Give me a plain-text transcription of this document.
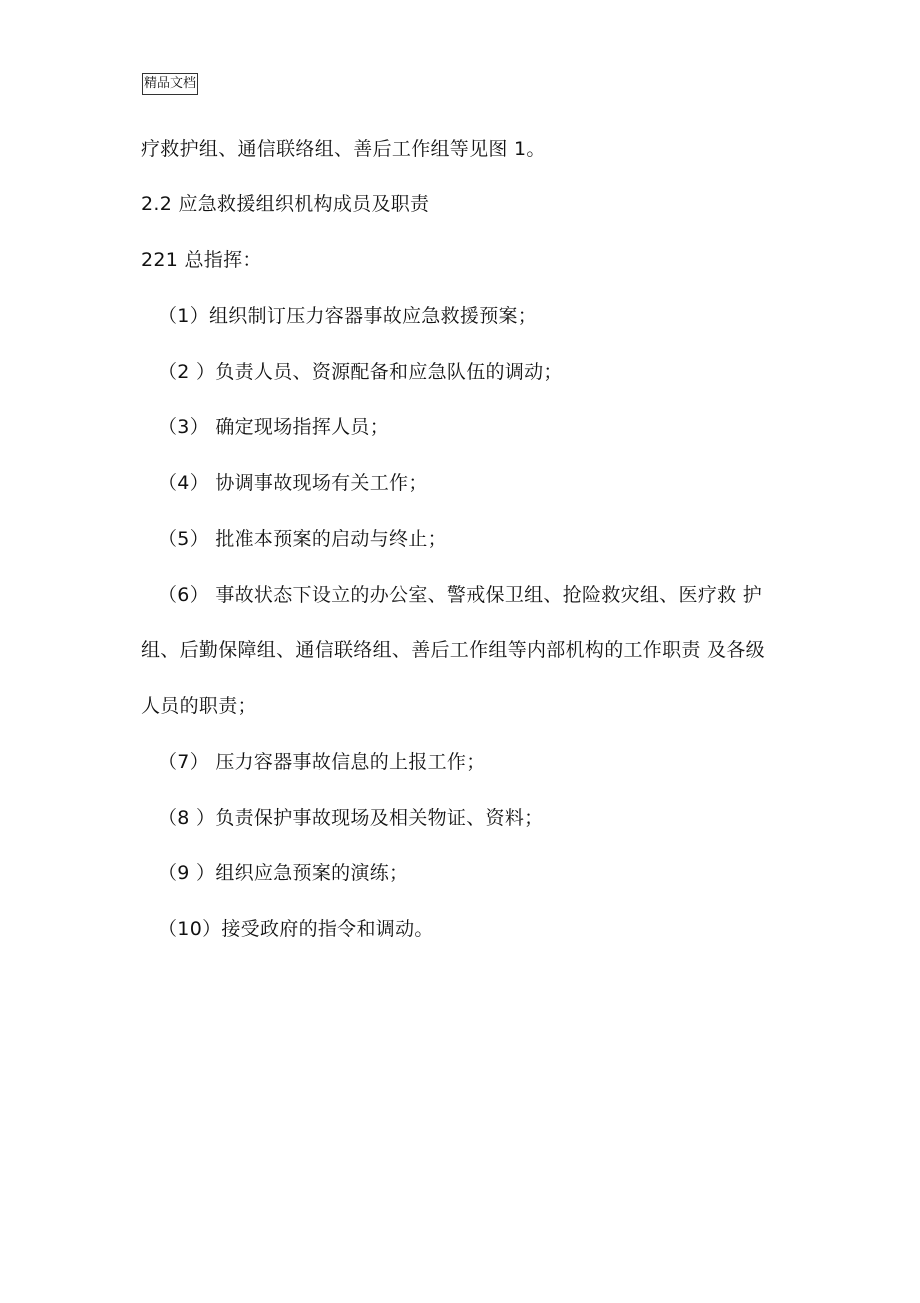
精品文档
疗救护组、通信联络组、善后工作组等见图 1。
2.2 应急救援组织机构成员及职责
221 总指挥：
（1）组织制订压力容器事故应急救援预案；
（2 ）负责人员、资源配备和应急队伍的调动；
（3） 确定现场指挥人员；
（4） 协调事故现场有关工作；
（5） 批准本预案的启动与终止；
（6） 事故状态下设立的办公室、警戒保卫组、抢险救灾组、医疗救 护
组、后勤保障组、通信联络组、善后工作组等内部机构的工作职责 及各级
人员的职责；
（7） 压力容器事故信息的上报工作；
（8 ）负责保护事故现场及相关物证、资料；
（9 ）组织应急预案的演练；
（10）接受政府的指令和调动。
